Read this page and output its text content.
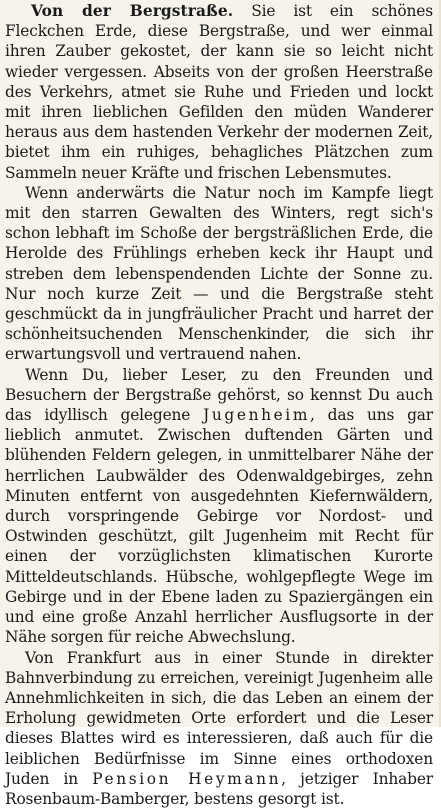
Von der Bergstraße. Sie ist ein schönes Fleckchen Erde, diese Bergstraße, und wer einmal ihren Zauber gekostet, der kann sie so leicht nicht wieder vergessen. Abseits von der großen Heerstraße des Verkehrs, atmet sie Ruhe und Frieden und lockt mit ihren lieblichen Gefilden den müden Wanderer heraus aus dem hastenden Verkehr der modernen Zeit, bietet ihm ein ruhiges, behagliches Plätzchen zum Sammeln neuer Kräfte und frischen Lebensmutes.

Wenn anderwärts die Natur noch im Kampfe liegt mit den starren Gewalten des Winters, regt sich's schon lebhaft im Schoße der bergsträßlichen Erde, die Herolde des Frühlings erheben keck ihr Haupt und streben dem lebenspendenden Lichte der Sonne zu. Nur noch kurze Zeit — und die Bergstraße steht geschmückt da in jungfräulicher Pracht und harret der schönheitsuchenden Menschenkinder, die sich ihr erwartungsvoll und vertrauend nahen.

Wenn Du, lieber Leser, zu den Freunden und Besuchern der Bergstraße gehörst, so kennst Du auch das idyllisch gelegene Jugenheim, das uns gar lieblich anmutet. Zwischen duftenden Gärten und blühenden Feldern gelegen, in unmittelbarer Nähe der herrlichen Laubwälder des Odenwaldgebirges, zehn Minuten entfernt von ausgedehnten Kiefernwäldern, durch vorspringende Gebirge vor Nordost- und Ostwinden geschützt, gilt Jugenheim mit Recht für einen der vorzüglichsten klimatischen Kurorte Mitteldeutschlands. Hübsche, wohlgepflegte Wege im Gebirge und in der Ebene laden zu Spaziergängen ein und eine große Anzahl herrlicher Ausflugsorte in der Nähe sorgen für reiche Abwechslung.

Von Frankfurt aus in einer Stunde in direkter Bahnverbindung zu erreichen, vereinigt Jugenheim alle Annehmlichkeiten in sich, die das Leben an einem der Erholung gewidmeten Orte erfordert und die Leser dieses Blattes wird es interessieren, daß auch für die leiblichen Bedürfnisse im Sinne eines orthodoxen Juden in Pension Heymann, jetziger Inhaber Rosenbaum-Bamberger, bestens gesorgt ist.
